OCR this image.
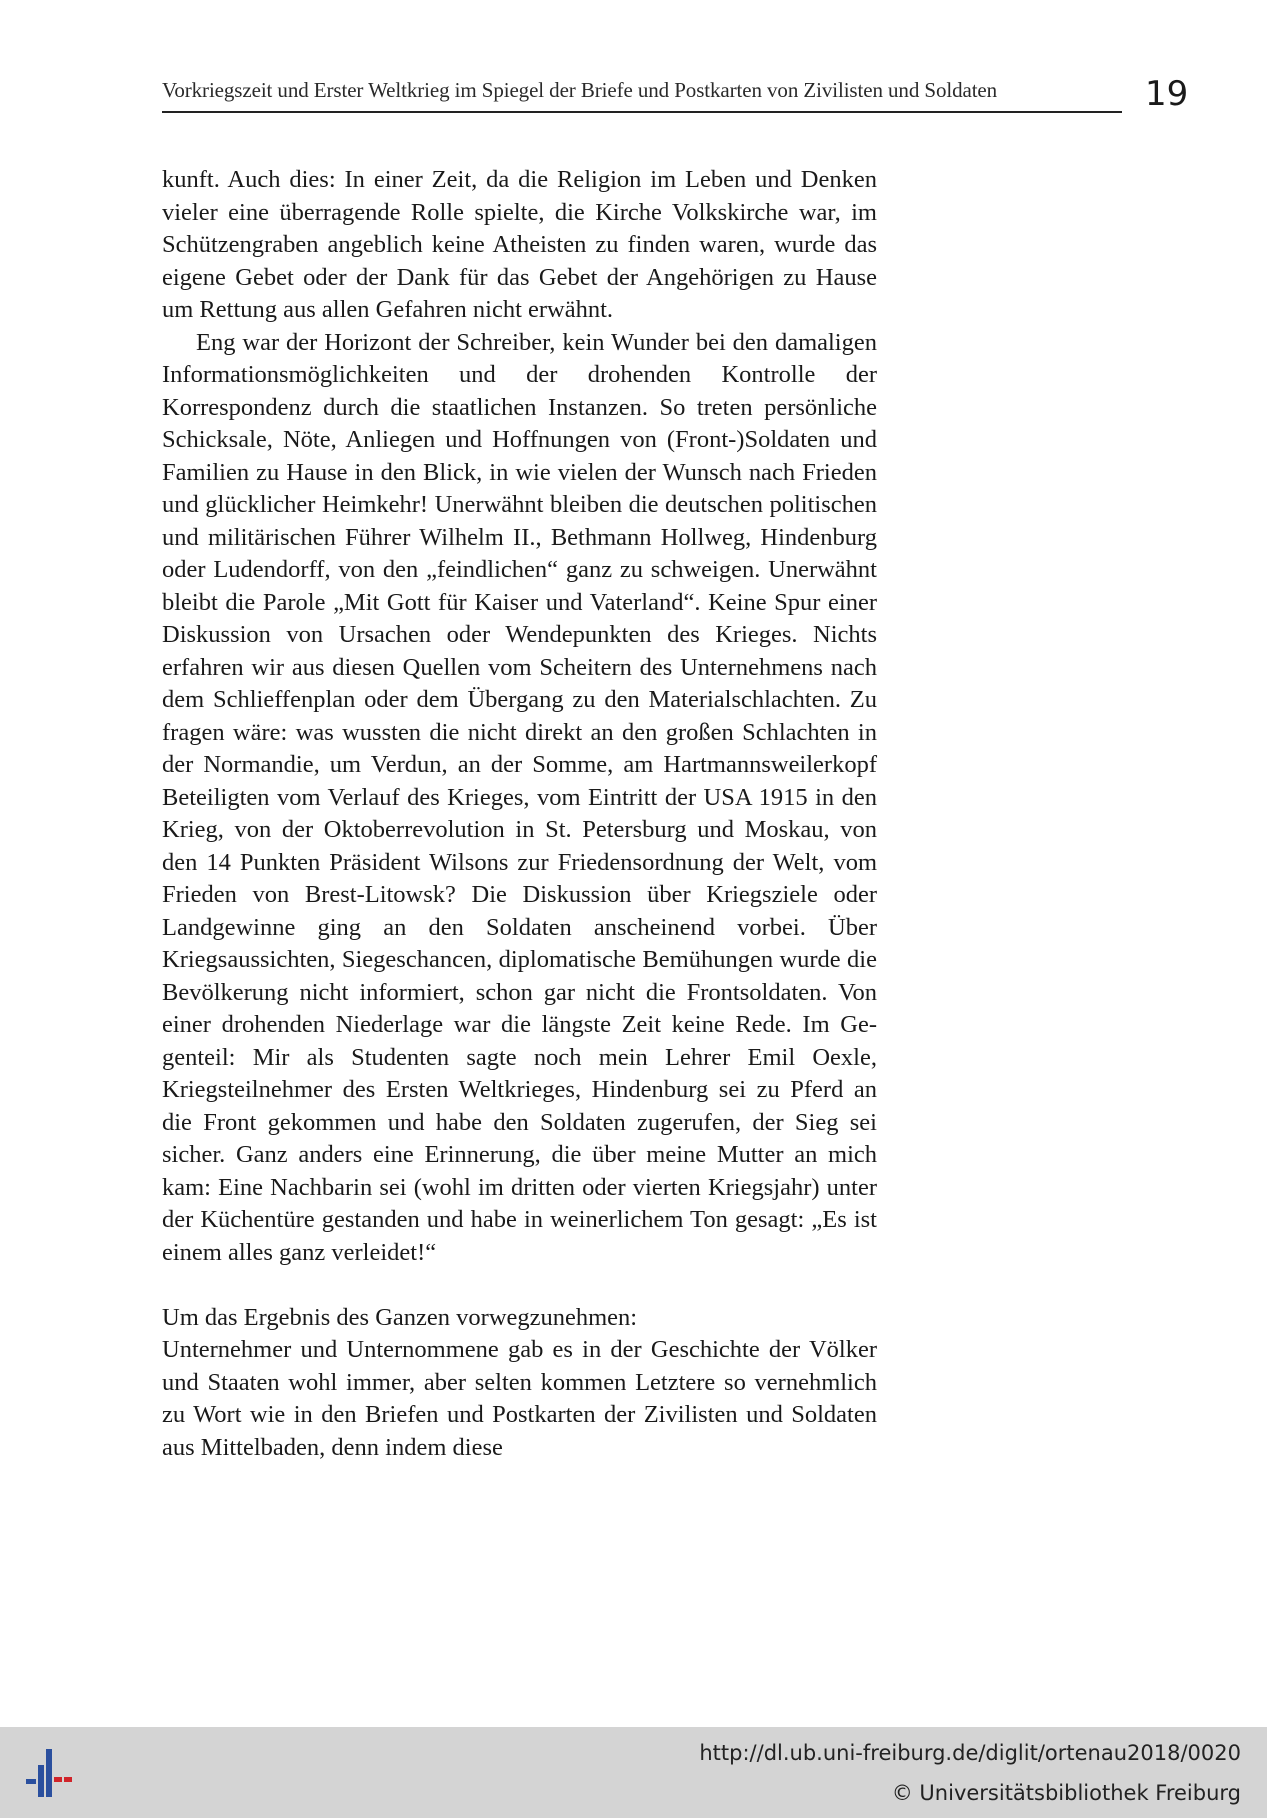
Vorkriegszeit und Erster Weltkrieg im Spiegel der Briefe und Postkarten von Zivilisten und Soldaten	19

kunft. Auch dies: In einer Zeit, da die Religion im Leben und Denken vieler eine überragende Rolle spielte, die Kirche Volkskirche war, im Schützengraben angeblich keine Atheisten zu finden waren, wurde das eigene Gebet oder der Dank für das Gebet der Angehörigen zu Hause um Rettung aus allen Gefahren nicht erwähnt.

Eng war der Horizont der Schreiber, kein Wunder bei den damaligen Informationsmöglichkeiten und der drohenden Kontrolle der Korrespondenz durch die staatlichen Instanzen. So treten persönliche Schicksale, Nöte, Anliegen und Hoffnungen von (Front-)Soldaten und Familien zu Hause in den Blick, in wie vielen der Wunsch nach Frieden und glücklicher Heimkehr! Unerwähnt bleiben die deutschen politischen und militärischen Führer Wilhelm II., Bethmann Hollweg, Hindenburg oder Ludendorff, von den „feindlichen“ ganz zu schweigen. Unerwähnt bleibt die Parole „Mit Gott für Kaiser und Vaterland“. Keine Spur einer Diskussion von Ursachen oder Wendepunkten des Krieges. Nichts erfahren wir aus diesen Quellen vom Scheitern des Unternehmens nach dem Schlieffenplan oder dem Übergang zu den Materialschlachten. Zu fragen wäre: was wussten die nicht direkt an den großen Schlachten in der Normandie, um Verdun, an der Somme, am Hartmannsweilerkopf Beteiligten vom Verlauf des Krieges, vom Eintritt der USA 1915 in den Krieg, von der Oktoberrevolution in St. Petersburg und Moskau, von den 14 Punkten Präsident Wilsons zur Friedensordnung der Welt, vom Frieden von Brest-Litowsk? Die Diskussion über Kriegsziele oder Landgewinne ging an den Soldaten anscheinend vorbei. Über Kriegsaussichten, Siegeschancen, diplomatische Bemühungen wurde die Bevölkerung nicht informiert, schon gar nicht die Frontsoldaten. Von einer drohenden Niederlage war die längste Zeit keine Rede. Im Gegenteil: Mir als Studenten sagte noch mein Lehrer Emil Oexle, Kriegsteilnehmer des Ersten Weltkrieges, Hindenburg sei zu Pferd an die Front gekommen und habe den Soldaten zugerufen, der Sieg sei sicher. Ganz anders eine Erinnerung, die über meine Mutter an mich kam: Eine Nachbarin sei (wohl im dritten oder vierten Kriegsjahr) unter der Küchentüre gestanden und habe in weinerlichem Ton gesagt: „Es ist einem alles ganz verleidet!“

Um das Ergebnis des Ganzen vorwegzunehmen:

Unternehmer und Unternommene gab es in der Geschichte der Völker und Staaten wohl immer, aber selten kommen Letztere so vernehmlich zu Wort wie in den Briefen und Postkarten der Zivilisten und Soldaten aus Mittelbaden, denn indem diese

http://dl.ub.uni-freiburg.de/diglit/ortenau2018/0020
© Universitätsbibliothek Freiburg
